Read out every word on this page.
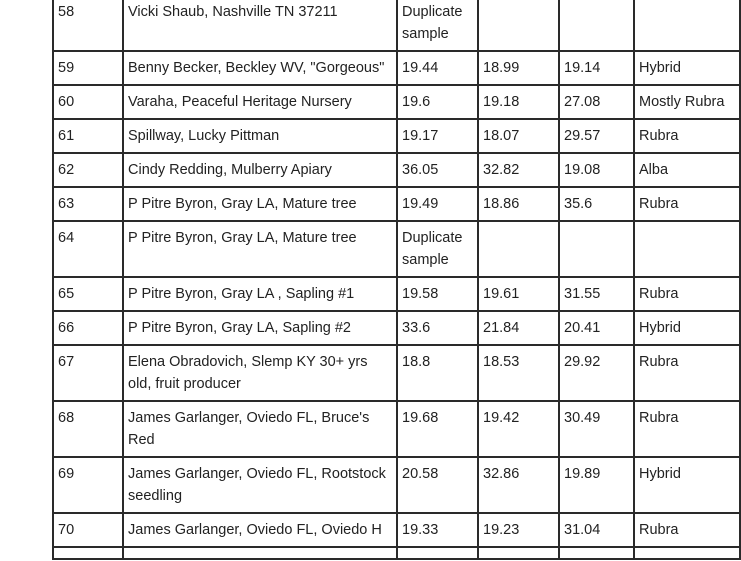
58	Vicki Shaub, Nashville TN 37211	Duplicate sample			
59	Benny Becker, Beckley WV, "Gorgeous"	19.44	18.99	19.14	Hybrid
60	Varaha, Peaceful Heritage Nursery	19.6	19.18	27.08	Mostly Rubra
61	Spillway, Lucky Pittman	19.17	18.07	29.57	Rubra
62	Cindy Redding, Mulberry Apiary	36.05	32.82	19.08	Alba
63	P Pitre Byron, Gray LA, Mature tree	19.49	18.86	35.6	Rubra
64	P Pitre Byron, Gray LA, Mature tree	Duplicate sample			
65	P Pitre Byron, Gray LA , Sapling #1	19.58	19.61	31.55	Rubra
66	P Pitre Byron, Gray LA, Sapling #2	33.6	21.84	20.41	Hybrid
67	Elena Obradovich, Slemp KY 30+ yrs old, fruit producer	18.8	18.53	29.92	Rubra
68	James Garlanger, Oviedo FL, Bruce's Red	19.68	19.42	30.49	Rubra
69	James Garlanger, Oviedo FL, Rootstock seedling	20.58	32.86	19.89	Hybrid
70	James Garlanger, Oviedo FL, Oviedo H	19.33	19.23	31.04	Rubra
